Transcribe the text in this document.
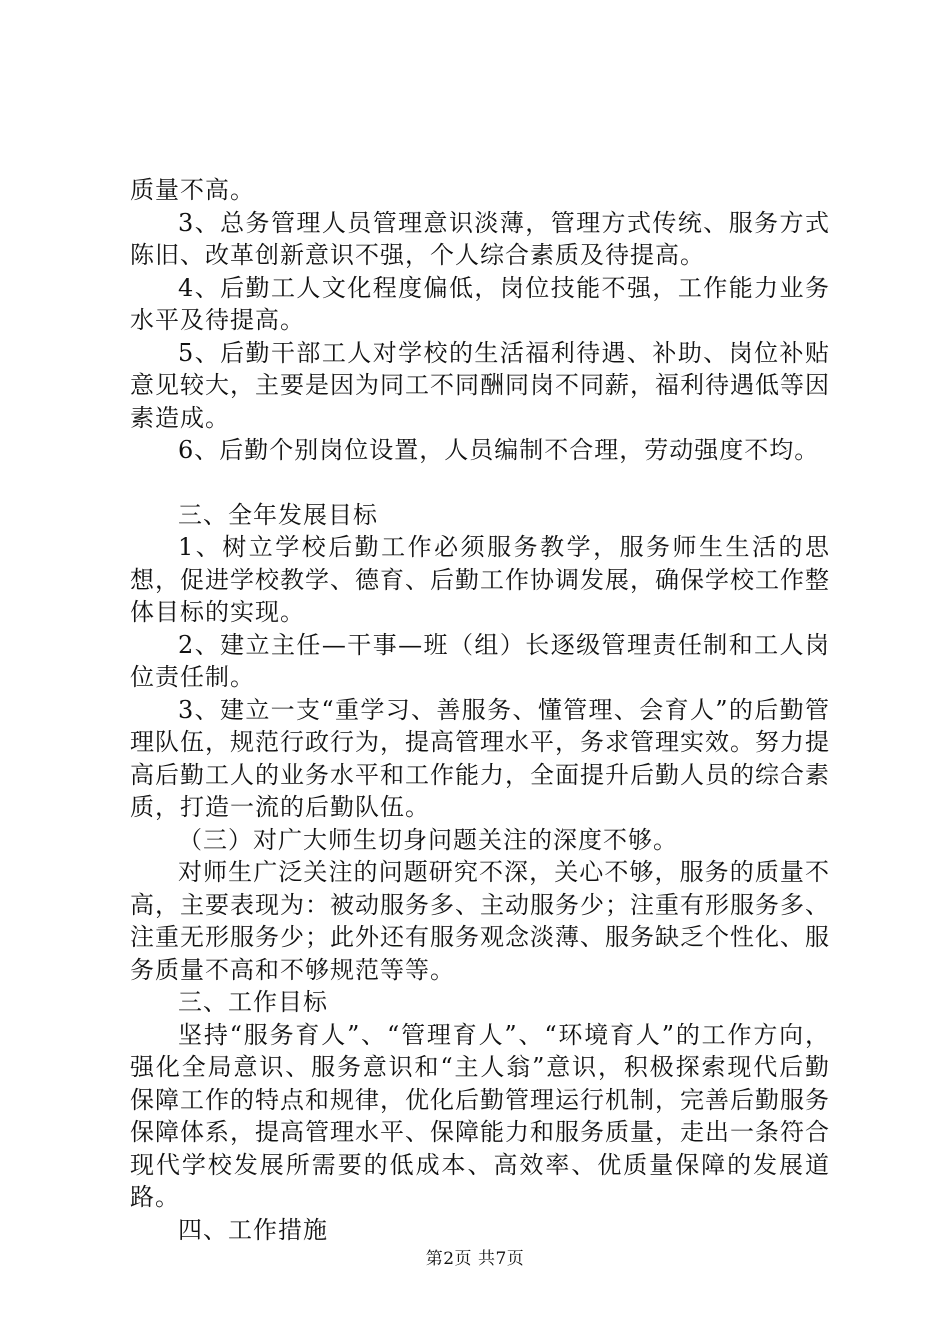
质量不高。

3、总务管理人员管理意识淡薄，管理方式传统、服务方式陈旧、改革创新意识不强，个人综合素质及待提高。

4、后勤工人文化程度偏低，岗位技能不强，工作能力业务水平及待提高。

5、后勤干部工人对学校的生活福利待遇、补助、岗位补贴意见较大，主要是因为同工不同酬同岗不同薪，福利待遇低等因素造成。

6、后勤个别岗位设置，人员编制不合理，劳动强度不均。

三、全年发展目标

1、树立学校后勤工作必须服务教学，服务师生生活的思想，促进学校教学、德育、后勤工作协调发展，确保学校工作整体目标的实现。

2、建立主任—干事—班（组）长逐级管理责任制和工人岗位责任制。

3、建立一支“重学习、善服务、懂管理、会育人”的后勤管理队伍，规范行政行为，提高管理水平，务求管理实效。努力提高后勤工人的业务水平和工作能力，全面提升后勤人员的综合素质，打造一流的后勤队伍。

（三）对广大师生切身问题关注的深度不够。

对师生广泛关注的问题研究不深，关心不够，服务的质量不高，主要表现为：被动服务多、主动服务少；注重有形服务多、注重无形服务少；此外还有服务观念淡薄、服务缺乏个性化、服务质量不高和不够规范等等。

三、工作目标

坚持“服务育人”、“管理育人”、“环境育人”的工作方向，强化全局意识、服务意识和“主人翁”意识，积极探索现代后勤保障工作的特点和规律，优化后勤管理运行机制，完善后勤服务保障体系，提高管理水平、保障能力和服务质量，走出一条符合现代学校发展所需要的低成本、高效率、优质量保障的发展道路。

四、工作措施

第2页 共7页
